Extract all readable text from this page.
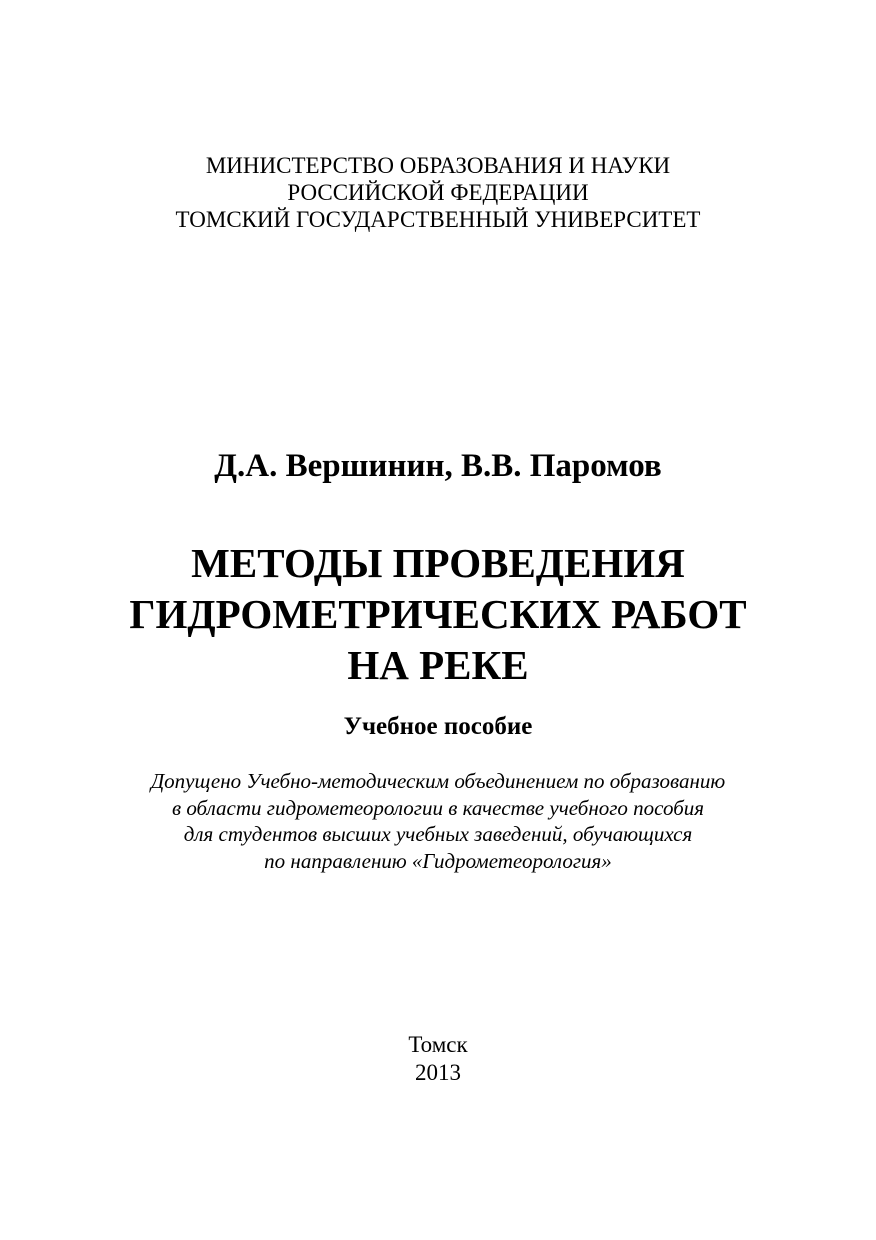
МИНИСТЕРСТВО ОБРАЗОВАНИЯ И НАУКИ
РОССИЙСКОЙ ФЕДЕРАЦИИ
ТОМСКИЙ ГОСУДАРСТВЕННЫЙ УНИВЕРСИТЕТ
Д.А. Вершинин, В.В. Паромов
МЕТОДЫ ПРОВЕДЕНИЯ
ГИДРОМЕТРИЧЕСКИХ РАБОТ
НА РЕКЕ
Учебное пособие
Допущено Учебно-методическим объединением по образованию
в области гидрометеорологии в качестве учебного пособия
для студентов высших учебных заведений, обучающихся
по направлению «Гидрометеорология»
Томск
2013
